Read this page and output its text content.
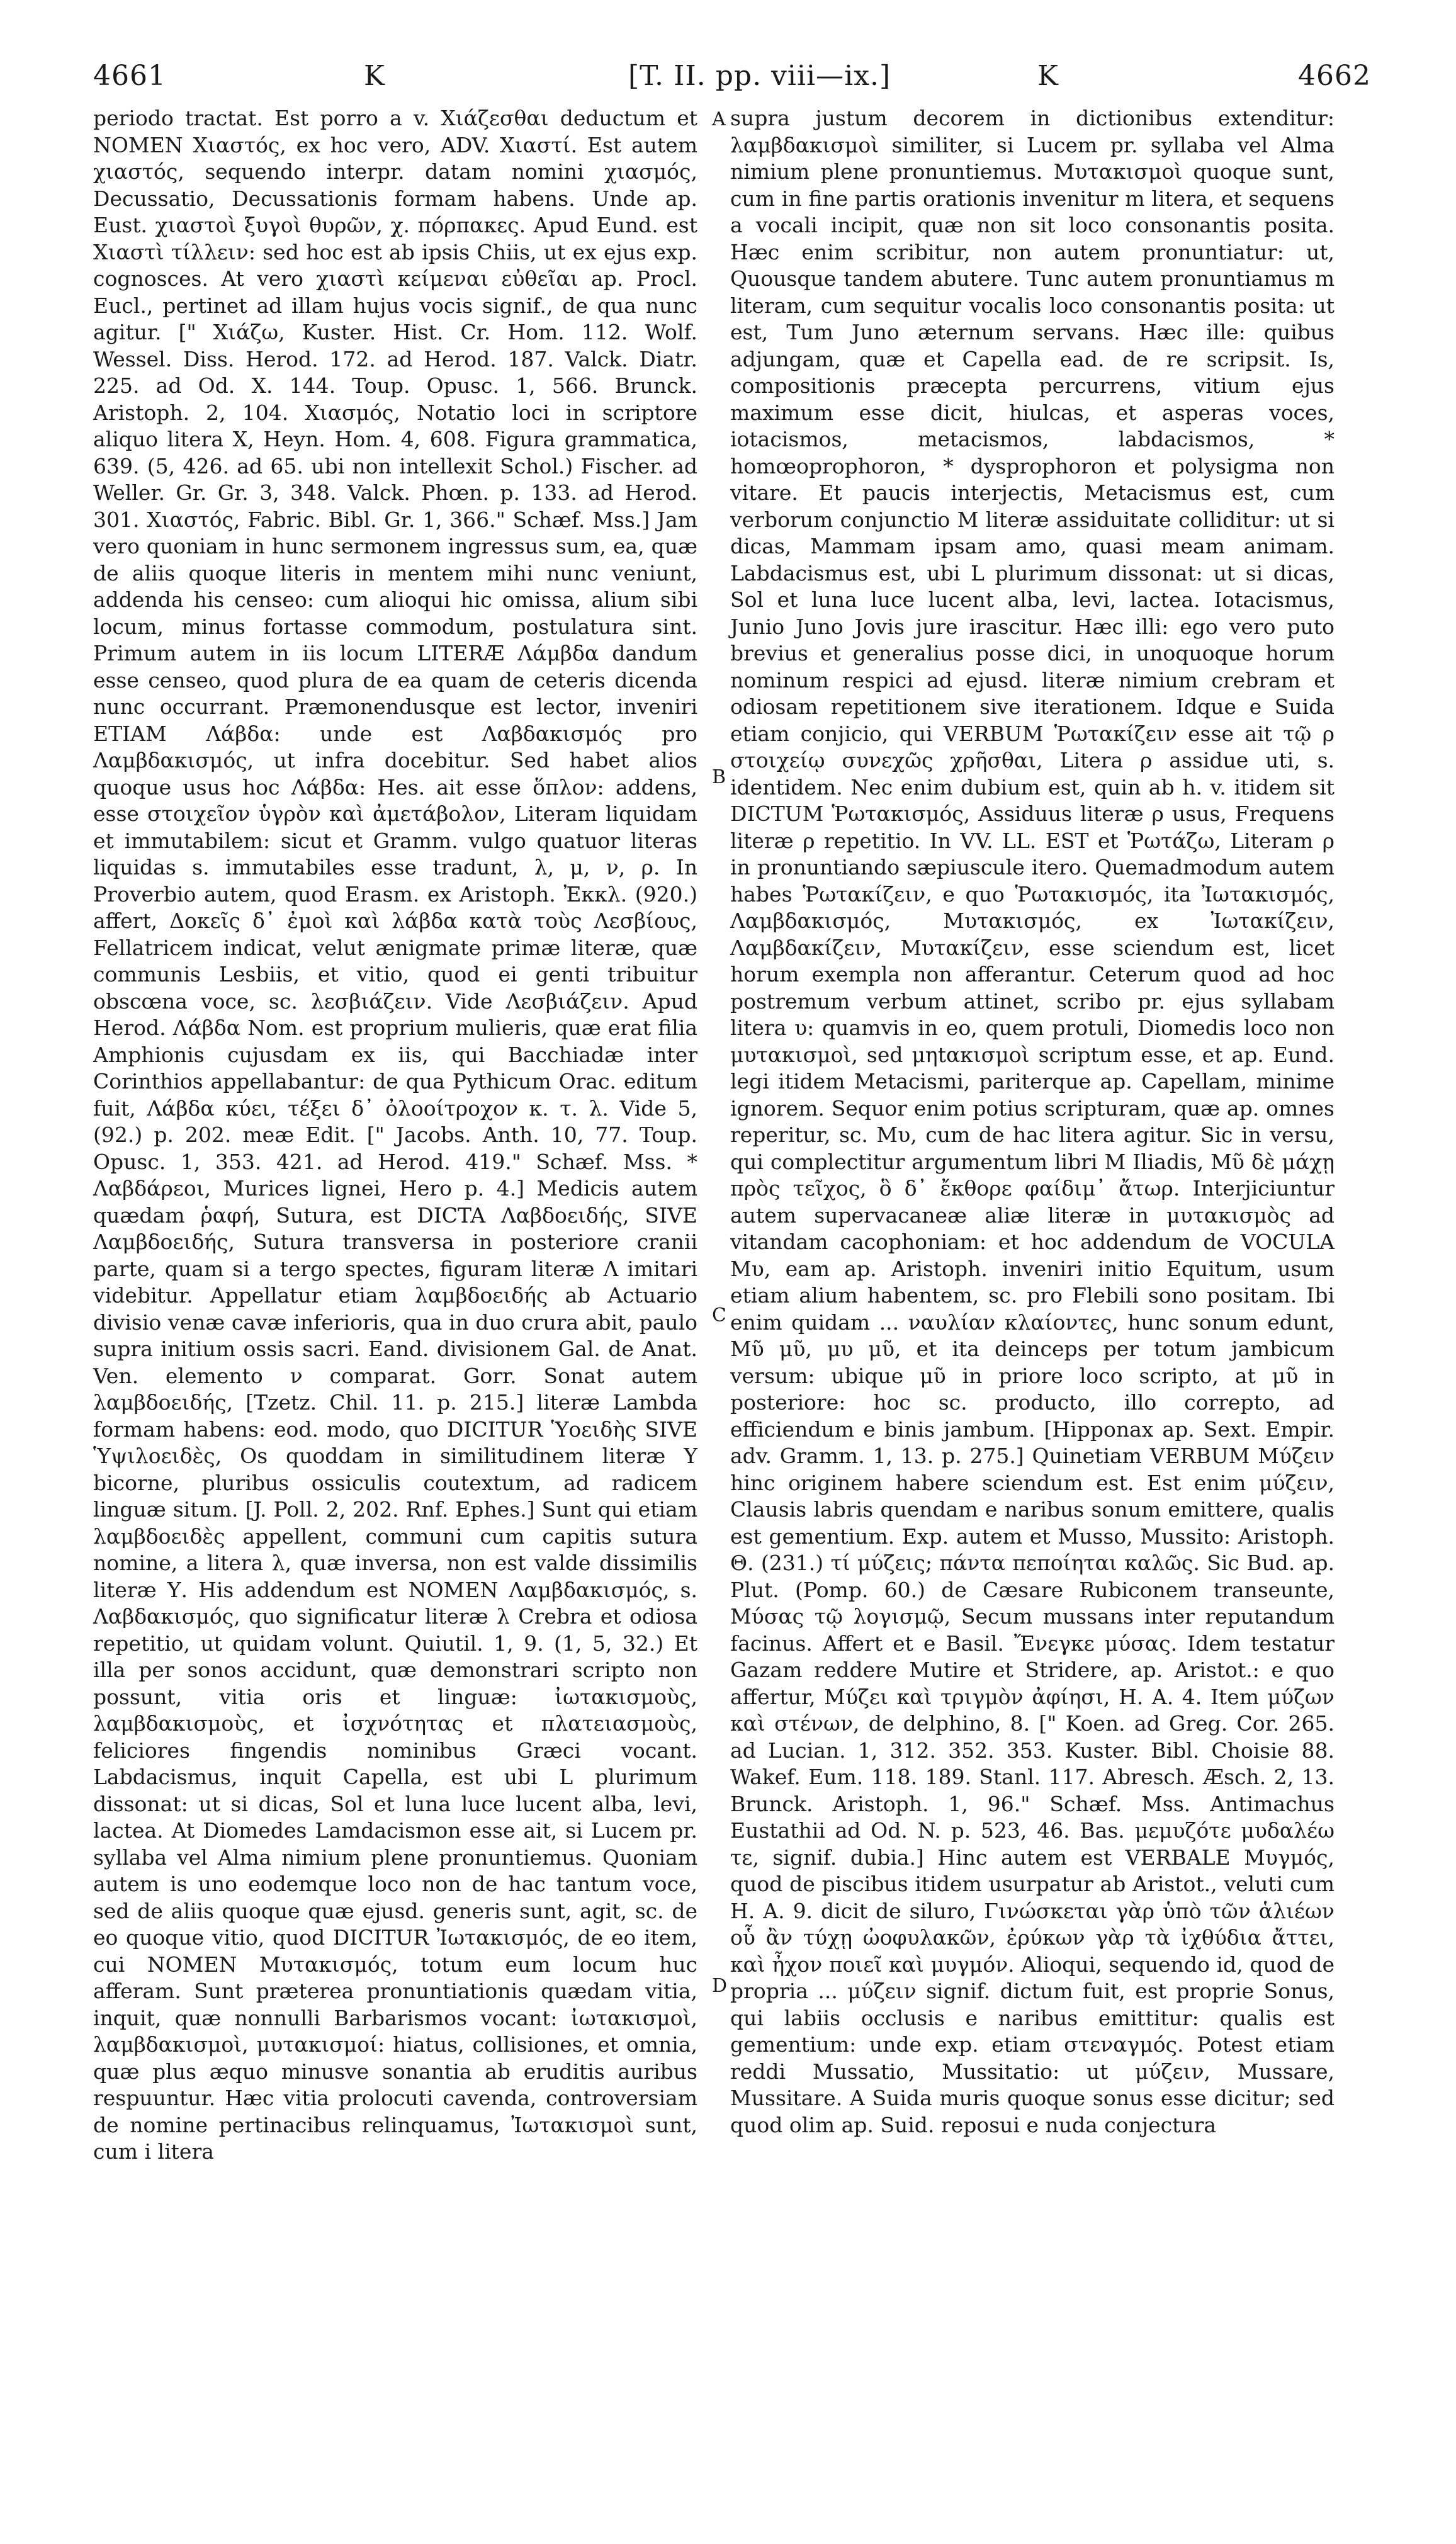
4661	K	[T. II. pp. viii—ix.]	K	4662

periodo tractat. Est porro a v. Χιάζεσθαι deductum et NOMEN Χιαστός, ex hoc vero, ADV. Χιαστί. Est autem χιαστός, sequendo interpr. datam nomini χιασμός, Decussatio, Decussationis formam habens. Unde ap. Eust. χιαστοὶ ξυγοὶ θυρῶν, χ. πόρπακες. Apud Eund. est Χιαστὶ τίλλειν: sed hoc est ab ipsis Chiis, ut ex ejus exp. cognosces. At vero χιαστὶ κείμεναι εὐθεῖαι ap. Procl. Eucl., pertinet ad illam hujus vocis signif., de qua nunc agitur. [" Χιάζω, Kuster. Hist. Cr. Hom. 112. Wolf. Wessel. Diss. Herod. 172. ad Herod. 187. Valck. Diatr. 225. ad Od. X. 144. Toup. Opusc. 1, 566. Brunck. Aristoph. 2, 104. Χιασμός, Notatio loci in scriptore aliquo litera X, Heyn. Hom. 4, 608. Figura grammatica, 639. (5, 426. ad 65. ubi non intellexit Schol.) Fischer. ad Weller. Gr. Gr. 3, 348. Valck. Phœn. p. 133. ad Herod. 301. Χιαστός, Fabric. Bibl. Gr. 1, 366." Schæf. Mss.] Jam vero quoniam in hunc sermonem ingressus sum, ea, quæ de aliis quoque literis in mentem mihi nunc veniunt, addenda his censeo: cum alioqui hic omissa, alium sibi locum, minus fortasse commodum, postulatura sint. Primum autem in iis locum LITERÆ Λάμβδα dandum esse censeo, quod plura de ea quam de ceteris dicenda nunc occurrant. Præmonendusque est lector, inveniri ETIAM Λάβδα: unde est Λαβδακισμός pro Λαμβδακισμός, ut infra docebitur. Sed habet alios quoque usus hoc Λάβδα: Hes. ait esse ὅπλον: addens, esse στοιχεῖον ὑγρὸν καὶ ἀμετάβολον, Literam liquidam et immutabilem: sicut et Gramm. vulgo quatuor literas liquidas s. immutabiles esse tradunt, λ, μ, ν, ρ. In Proverbio autem, quod Erasm. ex Aristoph. Ἐκκλ. (920.) affert, Δοκεῖς δ᾽ ἐμοὶ καὶ λάβδα κατὰ τοὺς Λεσβίους, Fellatricem indicat, velut ænigmate primæ literæ, quæ communis Lesbiis, et vitio, quod ei genti tribuitur obscœna voce, sc. λεσβιάζειν. Vide Λεσβιάζειν. Apud Herod. Λάβδα Nom. est proprium mulieris, quæ erat filia Amphionis cujusdam ex iis, qui Bacchiadæ inter Corinthios appellabantur: de qua Pythicum Orac. editum fuit, Λάβδα κύει, τέξει δ᾽ ὀλοοίτροχον κ. τ. λ. Vide 5, (92.) p. 202. meæ Edit. [" Jacobs. Anth. 10, 77. Toup. Opusc. 1, 353. 421. ad Herod. 419." Schæf. Mss. * Λαβδάρεοι, Murices lignei, Hero p. 4.] Medicis autem quædam ῥαφή, Sutura, est DICTA Λαβδοειδής, SIVE Λαμβδοειδής, Sutura transversa in posteriore cranii parte, quam si a tergo spectes, figuram literæ Λ imitari videbitur. Appellatur etiam λαμβδοειδής ab Actuario divisio venæ cavæ inferioris, qua in duo crura abit, paulo supra initium ossis sacri. Eand. divisionem Gal. de Anat. Ven. elemento ν comparat. Gorr. Sonat autem λαμβδοειδής, [Tzetz. Chil. 11. p. 215.] literæ Lambda formam habens: eod. modo, quo DICITUR Ὑοειδὴς SIVE Ὑψιλοειδὲς, Os quoddam in similitudinem literæ Υ bicorne, pluribus ossiculis coutextum, ad radicem linguæ situm. [J. Poll. 2, 202. Rnf. Ephes.] Sunt qui etiam λαμβδοειδὲς appellent, communi cum capitis sutura nomine, a litera λ, quæ inversa, non est valde dissimilis literæ Υ. His addendum est NOMEN Λαμβδακισμός, s. Λαβδακισμός, quo significatur literæ λ Crebra et odiosa repetitio, ut quidam volunt. Quiutil. 1, 9. (1, 5, 32.) Et illa per sonos accidunt, quæ demonstrari scripto non possunt, vitia oris et linguæ: ἰωτακισμοὺς, λαμβδακισμοὺς, et ἰσχνότητας et πλατειασμοὺς, feliciores fingendis nominibus Græci vocant. Labdacismus, inquit Capella, est ubi L plurimum dissonat: ut si dicas, Sol et luna luce lucent alba, levi, lactea. At Diomedes Lamdacismon esse ait, si Lucem pr. syllaba vel Alma nimium plene pronuntiemus. Quoniam autem is uno eodemque loco non de hac tantum voce, sed de aliis quoque quæ ejusd. generis sunt, agit, sc. de eo quoque vitio, quod DICITUR Ἰωτακισμός, de eo item, cui NOMEN Μυτακισμός, totum eum locum huc afferam. Sunt præterea pronuntiationis quædam vitia, inquit, quæ nonnulli Barbarismos vocant: ἰωτακισμοὶ, λαμβδακισμοὶ, μυτακισμοί: hiatus, collisiones, et omnia, quæ plus æquo minusve sonantia ab eruditis auribus respuuntur. Hæc vitia prolocuti cavenda, controversiam de nomine pertinacibus relinquamus, Ἰωτακισμοὶ sunt, cum i litera

A
B
C
D

supra justum decorem in dictionibus extenditur: λαμβδακισμοὶ similiter, si Lucem pr. syllaba vel Alma nimium plene pronuntiemus. Μυτακισμοὶ quoque sunt, cum in fine partis orationis invenitur m litera, et sequens a vocali incipit, quæ non sit loco consonantis posita. Hæc enim scribitur, non autem pronuntiatur: ut, Quousque tandem abutere. Tunc autem pronuntiamus m literam, cum sequitur vocalis loco consonantis posita: ut est, Tum Juno æternum servans. Hæc ille: quibus adjungam, quæ et Capella ead. de re scripsit. Is, compositionis præcepta percurrens, vitium ejus maximum esse dicit, hiulcas, et asperas voces, iotacismos, metacismos, labdacismos, * homœoprophoron, * dysprophoron et polysigma non vitare. Et paucis interjectis, Metacismus est, cum verborum conjunctio M literæ assiduitate colliditur: ut si dicas, Mammam ipsam amo, quasi meam animam. Labdacismus est, ubi L plurimum dissonat: ut si dicas, Sol et luna luce lucent alba, levi, lactea. Iotacismus, Junio Juno Jovis jure irascitur. Hæc illi: ego vero puto brevius et generalius posse dici, in unoquoque horum nominum respici ad ejusd. literæ nimium crebram et odiosam repetitionem sive iterationem. Idque e Suida etiam conjicio, qui VERBUM Ῥωτακίζειν esse ait τῷ ρ στοιχείῳ συνεχῶς χρῆσθαι, Litera ρ assidue uti, s. identidem. Nec enim dubium est, quin ab h. v. itidem sit DICTUM Ῥωτακισμός, Assiduus literæ ρ usus, Frequens literæ ρ repetitio. In VV. LL. EST et Ῥωτάζω, Literam ρ in pronuntiando sæpiuscule iterο. Quemadmodum autem habes Ῥωτακίζειν, e quo Ῥωτακισμός, ita Ἰωτακισμός, Λαμβδακισμός, Μυτακισμός, ex Ἰωτακίζειν, Λαμβδακίζειν, Μυτακίζειν, esse sciendum est, licet horum exempla non afferantur. Ceterum quod ad hoc postremum verbum attinet, scribo pr. ejus syllabam litera υ: quamvis in eo, quem protuli, Diomedis loco non μυτακισμοὶ, sed μηtακισμοὶ scriptum esse, et ap. Eund. legi itidem Metacismi, pariterque ap. Capellam, minime ignorem. Sequor enim potius scripturam, quæ ap. omnes reperitur, sc. Μυ, cum de hac litera agitur. Sic in versu, qui complectitur argumentum libri M Iliadis, Μῦ δὲ μάχῃ πρὸς τεῖχος, ὃ δ᾽ ἔκθορε φαίδιμ᾽ ἄτωρ. Interjiciuntur autem supervacaneæ aliæ literæ in μυτακισμὸς ad vitandam cacophoniam: et hoc addendum de VOCULA Μυ, eam ap. Aristoph. inveniri initio Equitum, usum etiam alium habentem, sc. pro Flebili sono positam. Ibi enim quidam ... ναυλίαν κλαίοντες, hunc sonum edunt, Μῦ μῦ, μυ μῦ, et ita deinceps per totum jambicum versum: ubique μῦ in priore loco scripto, at μῦ in posteriore: hoc sc. producto, illo correpto, ad efficiendum e binis jambum. [Hipponax ap. Sext. Empir. adv. Gramm. 1, 13. p. 275.] Quinetiam VERBUM Μύζειν hinc originem habere sciendum est. Est enim μύζειν, Clausis labris quendam e naribus sonum emittere, qualis est gementium. Exp. autem et Musso, Mussito: Aristoph. Θ. (231.) τί μύζεις; πάντα πεποίηται καλῶς. Sic Bud. ap. Plut. (Pomp. 60.) de Cæsare Rubiconem transeunte, Μύσας τῷ λογισμῷ, Secum mussans inter reputandum facinus. Affert et e Basil. Ἔνεγκε μύσας. Idem testatur Gazam reddere Mutire et Stridere, ap. Aristot.: e quo affertur, Μύζει καὶ τριγμὸν ἀφίησι, H. A. 4. Item μύζων καὶ στένων, de delphino, 8. [" Koen. ad Greg. Cor. 265. ad Lucian. 1, 312. 352. 353. Kuster. Bibl. Choisie 88. Wakef. Eum. 118. 189. Stanl. 117. Abresch. Æsch. 2, 13. Brunck. Aristoph. 1, 96." Schæf. Mss. Antimachus Eustathii ad Od. N. p. 523, 46. Bas. μεμυζότε μυδαλέω τε, signif. dubia.] Hinc autem est VERBALE Μυγμός, quod de piscibus itidem usurpatur ab Aristot., veluti cum H. A. 9. dicit de siluro, Γινώσκεται γὰρ ὑπὸ τῶν ἁλιέων οὗ ἂν τύχῃ ὠοφυλακῶν, ἐρύκων γὰρ τὰ ἰχθύδια ἄττει, καὶ ἦχον ποιεῖ καὶ μυγμόν. Alioqui, sequendo id, quod de propria ... μύζειν signif. dictum fuit, est proprie Sonus, qui labiis occlusis e naribus emittitur: qualis est gementium: unde exp. etiam στεναγμός. Potest etiam reddi Mussatio, Mussitatio: ut μύζειν, Mussare, Mussitare. A Suida muris quoque sonus esse dicitur; sed quod olim ap. Suid. reposui e nuda conjectura
